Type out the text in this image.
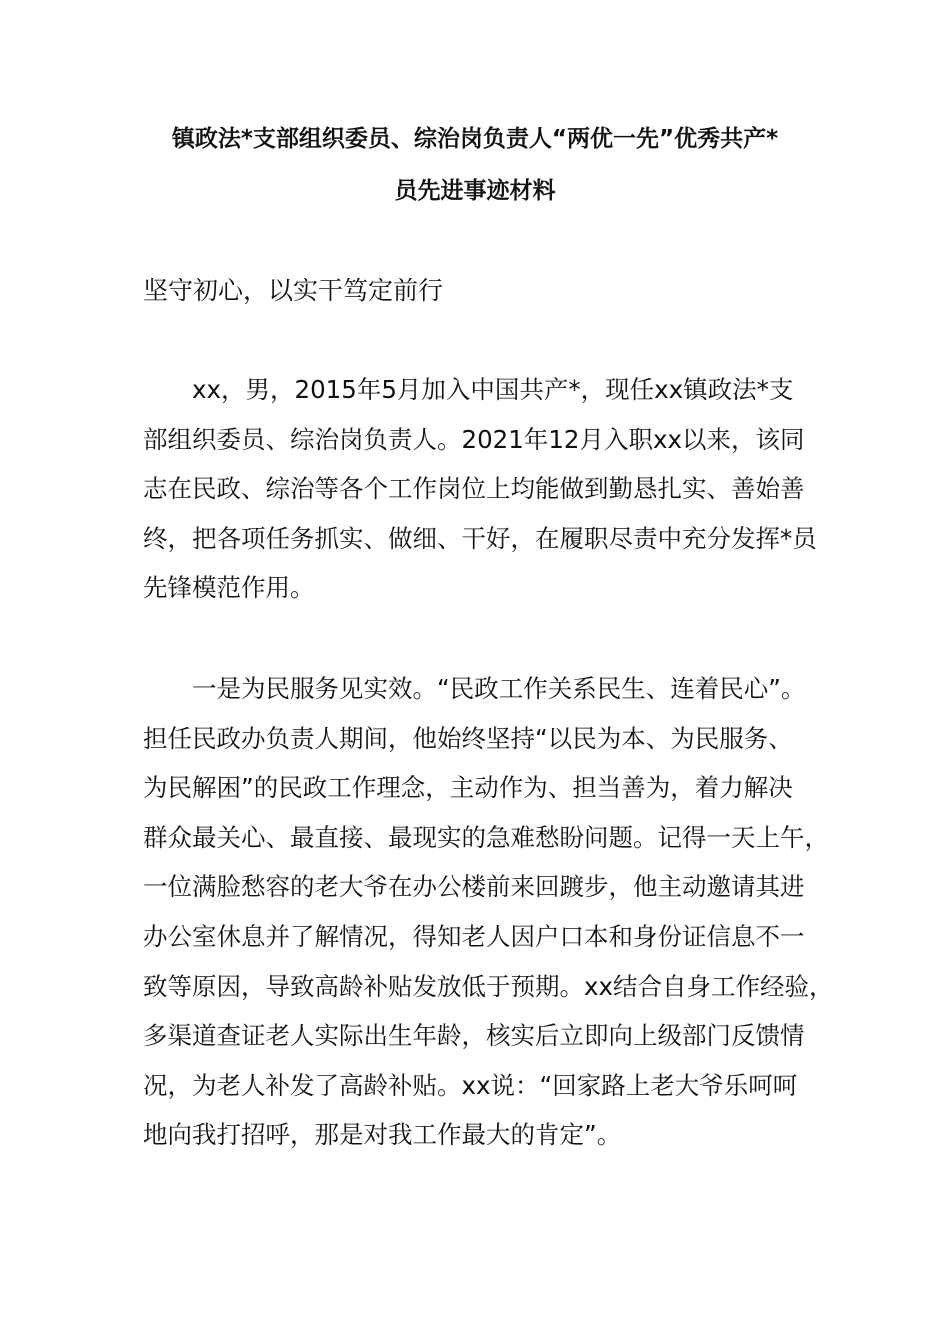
镇政法*支部组织委员、综治岗负责人“两优一先”优秀共产*
员先进事迹材料

坚守初心，以实干笃定前行

xx，男，2015年5月加入中国共产*，现任xx镇政法*支
部组织委员、综治岗负责人。2021年12月入职xx以来，该同
志在民政、综治等各个工作岗位上均能做到勤恳扎实、善始善
终，把各项任务抓实、做细、干好，在履职尽责中充分发挥*员
先锋模范作用。
一是为民服务见实效。“民政工作关系民生、连着民心”。
担任民政办负责人期间，他始终坚持“以民为本、为民服务、
为民解困”的民政工作理念，主动作为、担当善为，着力解决
群众最关心、最直接、最现实的急难愁盼问题。记得一天上午，
一位满脸愁容的老大爷在办公楼前来回踱步，他主动邀请其进
办公室休息并了解情况，得知老人因户口本和身份证信息不一
致等原因，导致高龄补贴发放低于预期。xx结合自身工作经验，
多渠道查证老人实际出生年龄，核实后立即向上级部门反馈情
况，为老人补发了高龄补贴。xx说：“回家路上老大爷乐呵呵
地向我打招呼，那是对我工作最大的肯定”。
